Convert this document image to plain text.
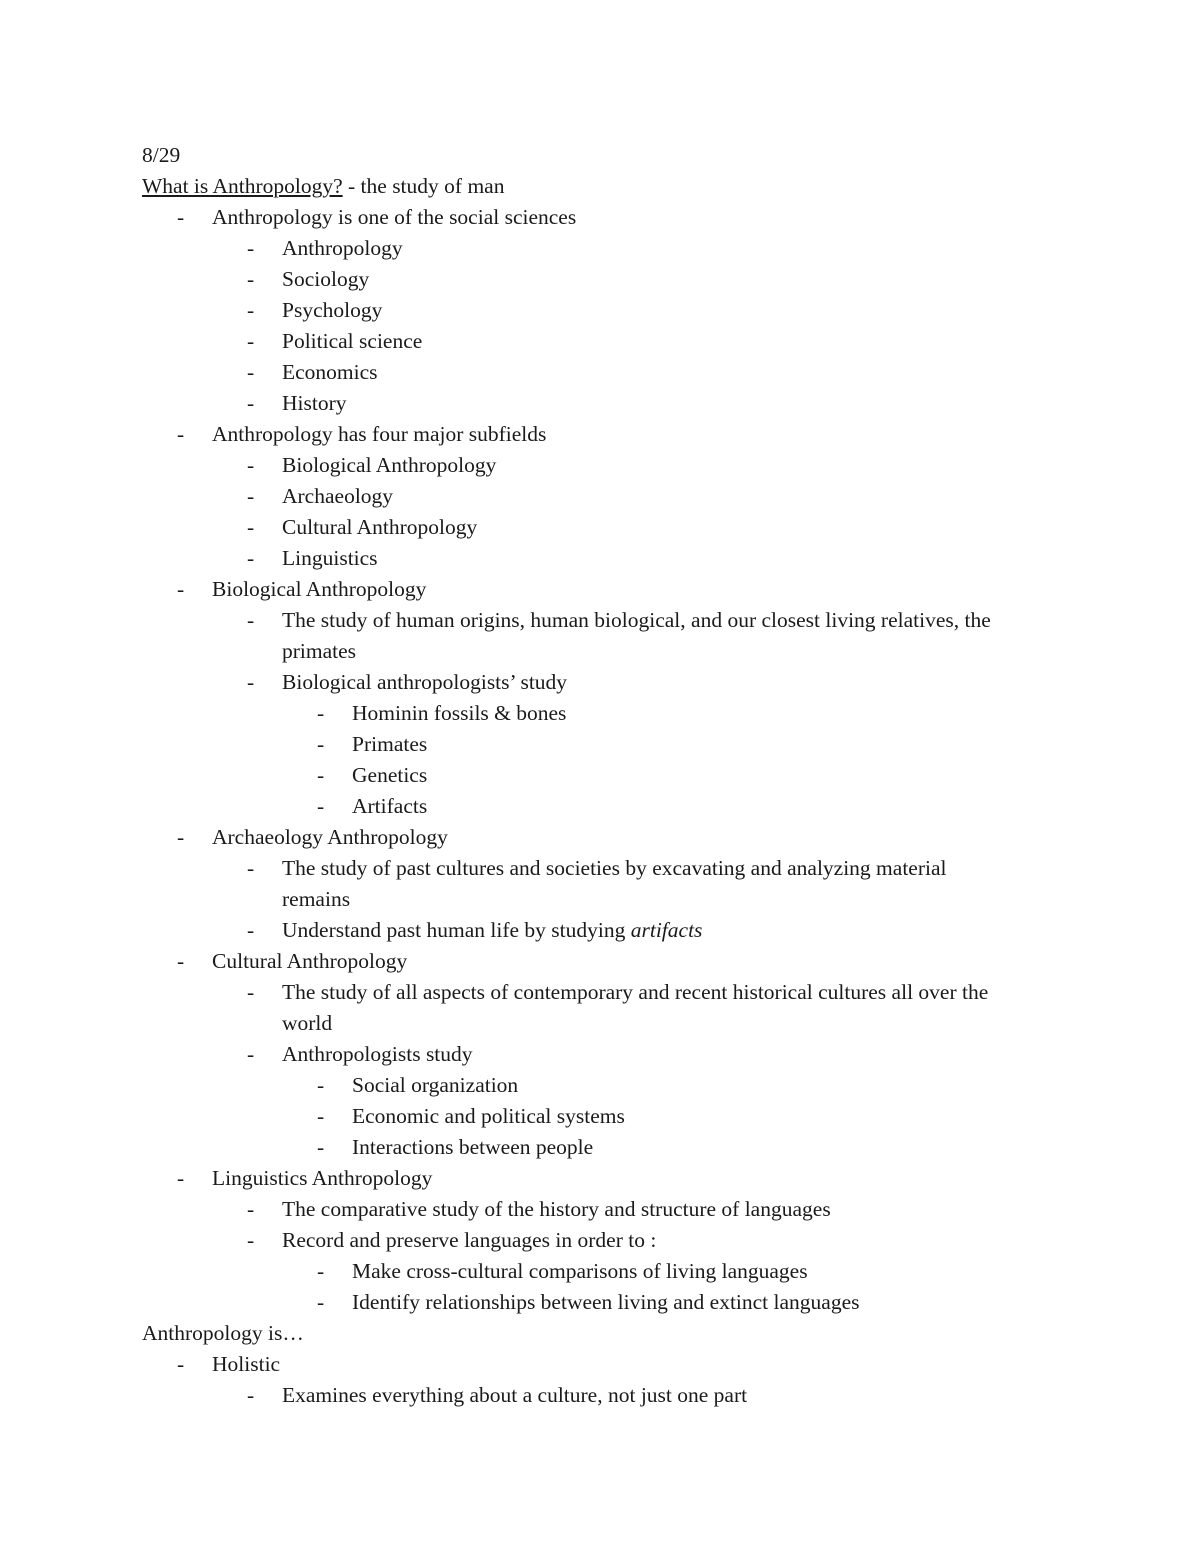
8/29
What is Anthropology? - the study of man
- Anthropology is one of the social sciences
- Anthropology
- Sociology
- Psychology
- Political science
- Economics
- History
- Anthropology has four major subfields
- Biological Anthropology
- Archaeology
- Cultural Anthropology
- Linguistics
- Biological Anthropology
- The study of human origins, human biological, and our closest living relatives, the
primates
- Biological anthropologists’ study
- Hominin fossils & bones
- Primates
- Genetics
- Artifacts
- Archaeology Anthropology
- The study of past cultures and societies by excavating and analyzing material
remains
- Understand past human life by studying artifacts
- Cultural Anthropology
- The study of all aspects of contemporary and recent historical cultures all over the
world
- Anthropologists study
- Social organization
- Economic and political systems
- Interactions between people
- Linguistics Anthropology
- The comparative study of the history and structure of languages
- Record and preserve languages in order to :
- Make cross-cultural comparisons of living languages
- Identify relationships between living and extinct languages
Anthropology is…
- Holistic
- Examines everything about a culture, not just one part
